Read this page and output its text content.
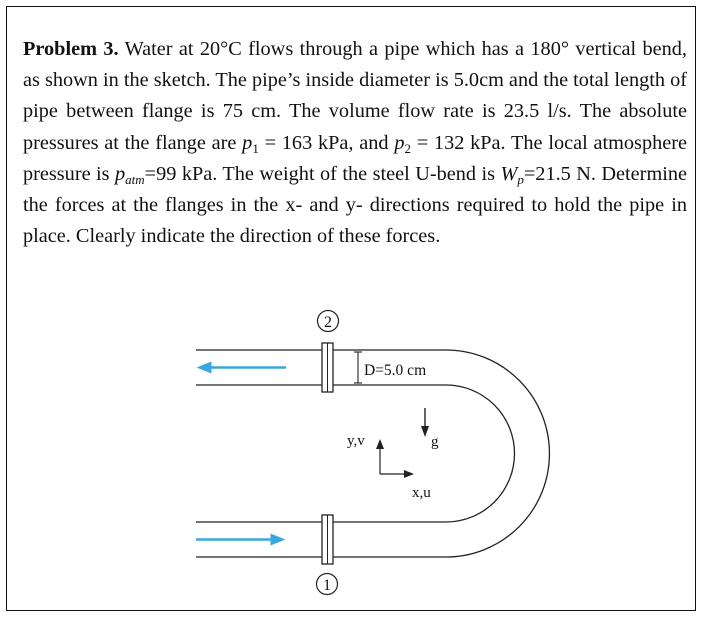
Problem 3. Water at 20°C flows through a pipe which has a 180° vertical bend, as shown in the sketch. The pipe’s inside diameter is 5.0cm and the total length of pipe between flange is 75 cm. The volume flow rate is 23.5 l/s. The absolute pressures at the flange are $p_1 = 163$ kPa, and $p_2 = 132$ kPa. The local atmosphere pressure is $p_{atm}=99$ kPa. The weight of the steel U-bend is $W_p=21.5$ N. Determine the forces at the flanges in the x- and y- directions required to hold the pipe in place. Clearly indicate the direction of these forces.

2
1
D=5.0 cm
y,v
x,u
g
